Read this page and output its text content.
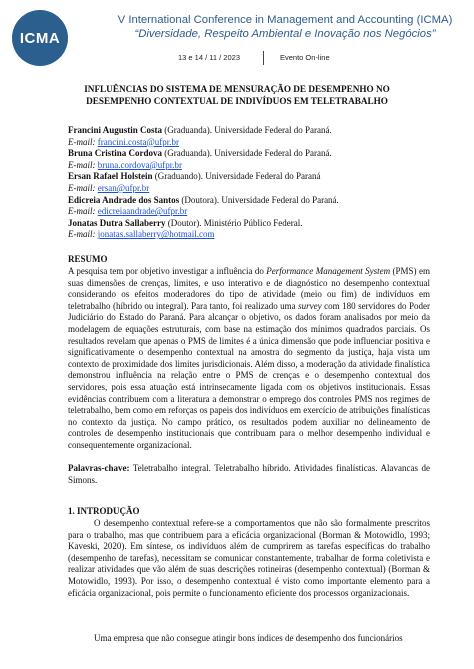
ICMA
V International Conference in Management and Accounting (ICMA)
“Diversidade, Respeito Ambiental e Inovação nos Negócios”
13 e 14 / 11 / 2023	Evento On-line
INFLUÊNCIAS DO SISTEMA DE MENSURAÇÃO DE DESEMPENHO NO
DESEMPENHO CONTEXTUAL DE INDIVÍDUOS EM TELETRABALHO
Francini Augustin Costa (Graduanda). Universidade Federal do Paraná.
E-mail: francini.costa@ufpr.br
Bruna Cristina Cordova (Graduanda). Universidade Federal do Paraná.
E-mail: bruna.cordova@ufpr.br
Ersan Rafael Holstein (Graduando). Universidade Federal do Paraná
E-mail: ersan@ufpr.br
Edicreia Andrade dos Santos (Doutora). Universidade Federal do Paraná.
E-mail: edicreiaandrade@ufpr.br
Jonatas Dutra Sallaberry (Doutor). Ministério Público Federal.
E-mail: jonatas.sallaberry@hotmail.com
RESUMO
A pesquisa tem por objetivo investigar a influência do Performance Management System (PMS) em suas dimensões de crenças, limites, e uso interativo e de diagnóstico no desempenho contextual considerando os efeitos moderadores do tipo de atividade (meio ou fim) de indivíduos em teletrabalho (híbrido ou integral). Para tanto, foi realizado uma survey com 180 servidores do Poder Judiciário do Estado do Paraná. Para alcançar o objetivo, os dados foram analisados por meio da modelagem de equações estruturais, com base na estimação dos mínimos quadrados parciais. Os resultados revelam que apenas o PMS de limites é a única dimensão que pode influenciar positiva e significativamente o desempenho contextual na amostra do segmento da justiça, haja vista um contexto de proximidade dos limites jurisdicionais. Além disso, a moderação da atividade finalística demonstrou influência na relação entre o PMS de crenças e o desempenho contextual dos servidores, pois essa atuação está intrinsecamente ligada com os objetivos institucionais. Essas evidências contribuem com a literatura a demonstrar o emprego dos controles PMS nos regimes de teletrabalho, bem como em reforças os papeis dos indivíduos em exercício de atribuições finalísticas no contexto da justiça. No campo prático, os resultados podem auxiliar no delineamento de controles de desempenho institucionais que contribuam para o melhor desempenho individual e consequentemente organizacional.
Palavras-chave: Teletrabalho integral. Teletrabalho híbrido. Atividades finalísticas. Alavancas de Simons.
1. INTRODUÇÃO
O desempenho contextual refere-se a comportamentos que não são formalmente prescritos para o trabalho, mas que contribuem para a eficácia organizacional (Borman & Motowidlo, 1993; Kaveski, 2020). Em síntese, os indivíduos além de cumprirem as tarefas específicas do trabalho (desempenho de tarefas), necessitam se comunicar constantemente, trabalhar de forma coletivista e realizar atividades que vão além de suas descrições rotineiras (desempenho contextual) (Borman & Motowidlo, 1993). Por isso, o desempenho contextual é visto como importante elemento para a eficácia organizacional, pois permite o funcionamento eficiente dos processos organizacionais.
Uma empresa que não consegue atingir bons índices de desempenho dos funcionários
